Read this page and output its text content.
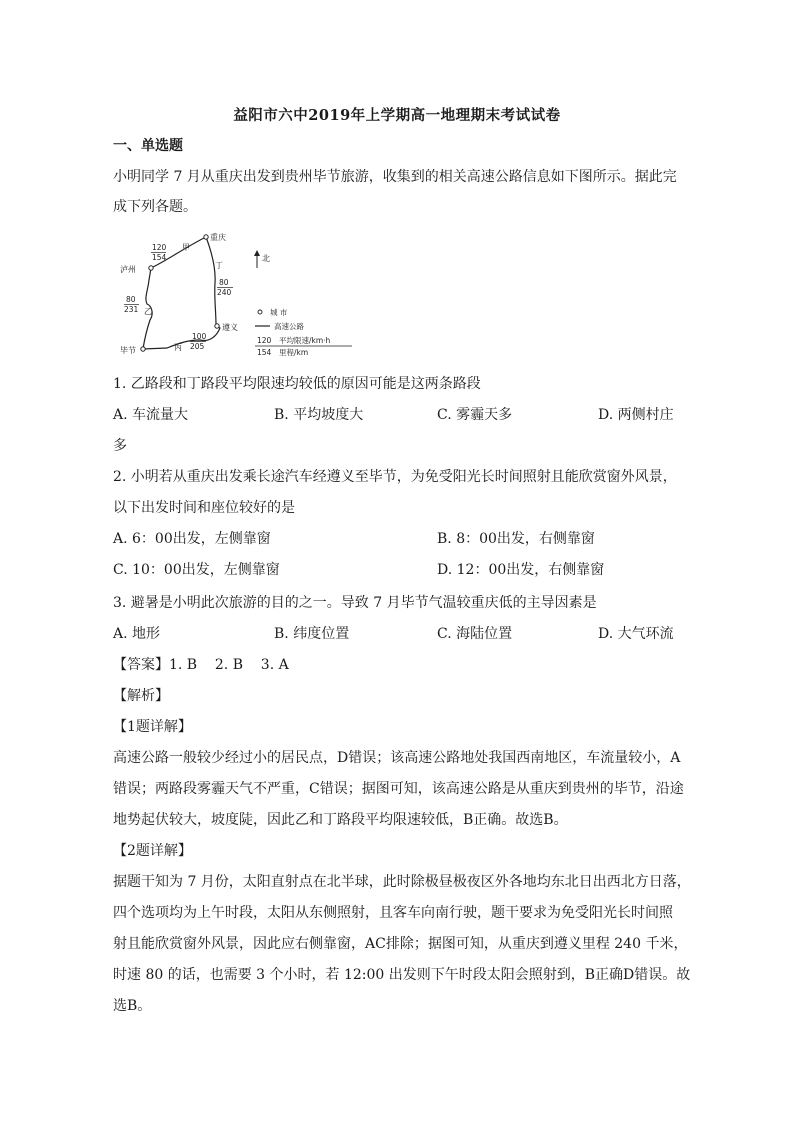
益阳市六中2019年上学期高一地理期末考试试卷
一、单选题
小明同学 7 月从重庆出发到贵州毕节旅游，收集到的相关高速公路信息如下图所示。据此完
成下列各题。
重庆
泸州
遵义
毕节
甲
丁
乙
丙
120
154
80
240
80
231
100
205
北
城 市
高速公路
120
154
平均限速/km·h
里程/km
1. 乙路段和丁路段平均限速均较低的原因可能是这两条路段
A. 车流量大	B. 平均坡度大	C. 雾霾天多	D. 两侧村庄
多
2. 小明若从重庆出发乘长途汽车经遵义至毕节，为免受阳光长时间照射且能欣赏窗外风景，
以下出发时间和座位较好的是
A. 6：00出发，左侧靠窗	B. 8：00出发，右侧靠窗
C. 10：00出发，左侧靠窗	D. 12：00出发，右侧靠窗
3. 避暑是小明此次旅游的目的之一。导致 7 月毕节气温较重庆低的主导因素是
A. 地形	B. 纬度位置	C. 海陆位置	D. 大气环流
【答案】1. B    2. B    3. A
【解析】
【1题详解】
高速公路一般较少经过小的居民点，D错误；该高速公路地处我国西南地区，车流量较小，A
错误；两路段雾霾天气不严重，C错误；据图可知，该高速公路是从重庆到贵州的毕节，沿途
地势起伏较大，坡度陡，因此乙和丁路段平均限速较低，B正确。故选B。
【2题详解】
据题干知为 7 月份，太阳直射点在北半球，此时除极昼极夜区外各地均东北日出西北方日落，
四个选项均为上午时段，太阳从东侧照射，且客车向南行驶，题干要求为免受阳光长时间照
射且能欣赏窗外风景，因此应右侧靠窗，AC排除；据图可知，从重庆到遵义里程 240 千米，
时速 80 的话，也需要 3 个小时，若 12:00 出发则下午时段太阳会照射到，B正确D错误。故
选B。
